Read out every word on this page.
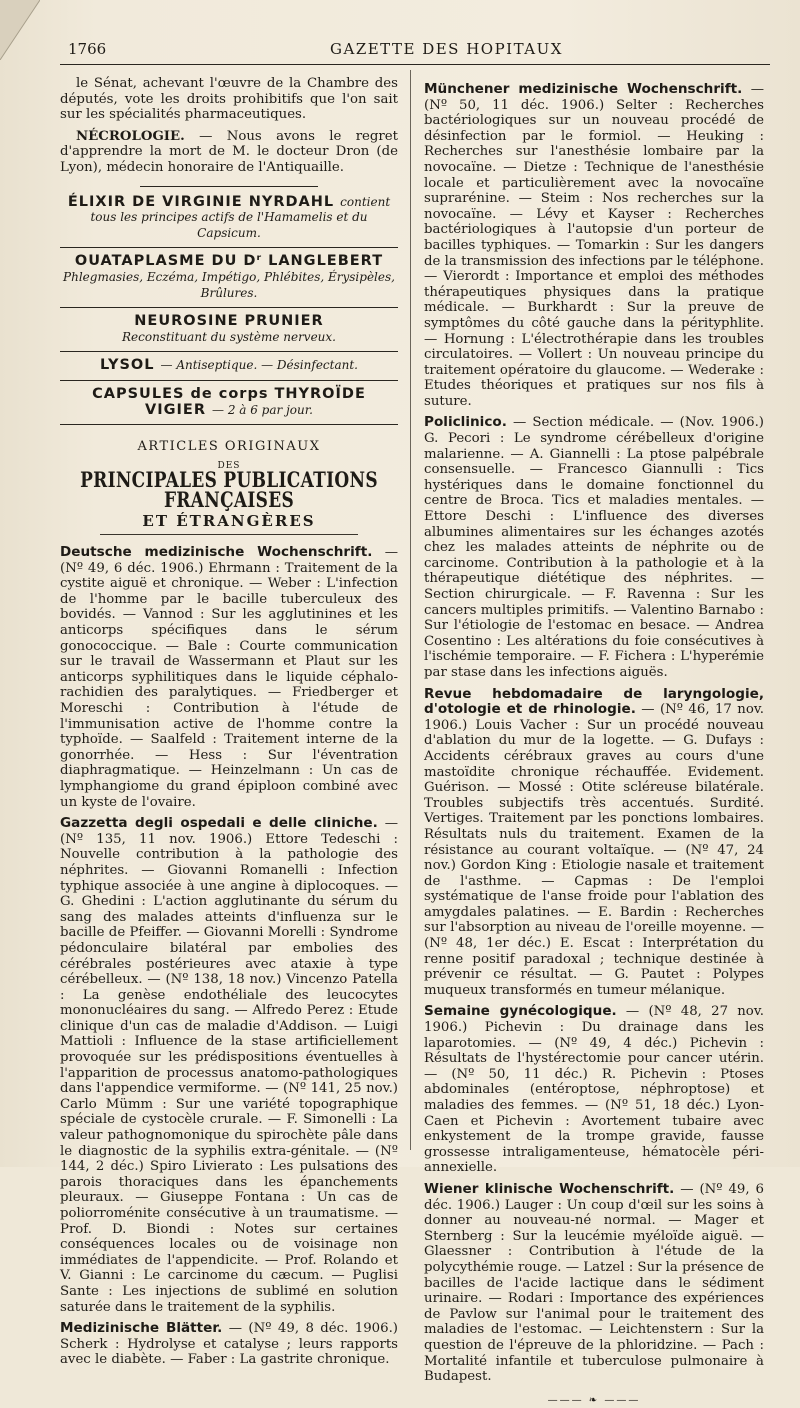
1766	GAZETTE DES HOPITAUX

le Sénat, achevant l'œuvre de la Chambre des députés, vote les droits prohibitifs que l'on sait sur les spécialités pharmaceutiques.

NÉCROLOGIE. — Nous avons le regret d'apprendre la mort de M. le docteur Dron (de Lyon), médecin honoraire de l'Antiquaille.

ÉLIXIR DE VIRGINIE NYRDAHL contient
tous les principes actifs de l'Hamamelis et du Capsicum.
OUATAPLASME DU Dʳ LANGLEBERT
Phlegmasies, Eczéma, Impétigo, Phlébites, Érysipèles, Brûlures.
NEUROSINE PRUNIER
Reconstituant du système nerveux.
LYSOL — Antiseptique. — Désinfectant.
CAPSULES de corps THYROÏDE VIGIER — 2 à 6 par jour.
ARTICLES ORIGINAUX
DES
PRINCIPALES PUBLICATIONS FRANÇAISES
ET ÉTRANGÈRES

Deutsche medizinische Wochenschrift. — (Nº 49, 6 déc. 1906.) Ehrmann : Traitement de la cystite aiguë et chronique. — Weber : L'infection de l'homme par le bacille tuberculeux des bovidés. — Vannod : Sur les agglutinines et les anticorps spécifiques dans le sérum gonococcique. — Bale : Courte communication sur le travail de Wassermann et Plaut sur les anticorps syphilitiques dans le liquide céphalo-rachidien des paralytiques. — Friedberger et Moreschi : Contribution à l'étude de l'immunisation active de l'homme contre la typhoïde. — Saalfeld : Traitement interne de la gonorrhée. — Hess : Sur l'éventration diaphragmatique. — Heinzelmann : Un cas de lymphangiome du grand épiploon combiné avec un kyste de l'ovaire.

Gazzetta degli ospedali e delle cliniche. — (Nº 135, 11 nov. 1906.) Ettore Tedeschi : Nouvelle contribution à la pathologie des néphrites. — Giovanni Romanelli : Infection typhique associée à une angine à diplocoques. — G. Ghedini : L'action agglutinante du sérum du sang des malades atteints d'influenza sur le bacille de Pfeiffer. — Giovanni Morelli : Syndrome pédonculaire bilatéral par embolies des cérébrales postérieures avec ataxie à type cérébelleux. — (Nº 138, 18 nov.) Vincenzo Patella : La genèse endothéliale des leucocytes mononucléaires du sang. — Alfredo Perez : Etude clinique d'un cas de maladie d'Addison. — Luigi Mattioli : Influence de la stase artificiellement provoquée sur les prédispositions éventuelles à l'apparition de processus anatomo-pathologiques dans l'appendice vermiforme. — (Nº 141, 25 nov.) Carlo Mümm : Sur une variété topographique spéciale de cystocèle crurale. — F. Simonelli : La valeur pathognomonique du spirochète pâle dans le diagnostic de la syphilis extra-génitale. — (Nº 144, 2 déc.) Spiro Livierato : Les pulsations des parois thoraciques dans les épanchements pleuraux. — Giuseppe Fontana : Un cas de poliorroménite consécutive à un traumatisme. — Prof. D. Biondi : Notes sur certaines conséquences locales ou de voisinage non immédiates de l'appendicite. — Prof. Rolando et V. Gianni : Le carcinome du cæcum. — Puglisi Sante : Les injections de sublimé en solution saturée dans le traitement de la syphilis.

Medizinische Blätter. — (Nº 49, 8 déc. 1906.) Scherk : Hydrolyse et catalyse ; leurs rapports avec le diabète. — Faber : La gastrite chronique.

Münchener medizinische Wochenschrift. — (Nº 50, 11 déc. 1906.) Selter : Recherches bactériologiques sur un nouveau procédé de désinfection par le formiol. — Heuking : Recherches sur l'anesthésie lombaire par la novocaïne. — Dietze : Technique de l'anesthésie locale et particulièrement avec la novocaïne suprarénine. — Steim : Nos recherches sur la novocaïne. — Lévy et Kayser : Recherches bactériologiques à l'autopsie d'un porteur de bacilles typhiques. — Tomarkin : Sur les dangers de la transmission des infections par le téléphone. — Vierordt : Importance et emploi des méthodes thérapeutiques physiques dans la pratique médicale. — Burkhardt : Sur la preuve de symptômes du côté gauche dans la pérityphlite. — Hornung : L'électrothérapie dans les troubles circulatoires. — Vollert : Un nouveau principe du traitement opératoire du glaucome. — Wederake : Etudes théoriques et pratiques sur nos fils à suture.

Policlinico. — Section médicale. — (Nov. 1906.) G. Pecori : Le syndrome cérébelleux d'origine malarienne. — A. Giannelli : La ptose palpébrale consensuelle. — Francesco Giannulli : Tics hystériques dans le domaine fonctionnel du centre de Broca. Tics et maladies mentales. — Ettore Deschi : L'influence des diverses albumines alimentaires sur les échanges azotés chez les malades atteints de néphrite ou de carcinome. Contribution à la pathologie et à la thérapeutique diététique des néphrites. — Section chirurgicale. — F. Ravenna : Sur les cancers multiples primitifs. — Valentino Barnabo : Sur l'étiologie de l'estomac en besace. — Andrea Cosentino : Les altérations du foie consécutives à l'ischémie temporaire. — F. Fichera : L'hyperémie par stase dans les infections aiguës.

Revue hebdomadaire de laryngologie, d'otologie et de rhinologie. — (Nº 46, 17 nov. 1906.) Louis Vacher : Sur un procédé nouveau d'ablation du mur de la logette. — G. Dufays : Accidents cérébraux graves au cours d'une mastoïdite chronique réchauffée. Evidement. Guérison. — Mossé : Otite scléreuse bilatérale. Troubles subjectifs très accentués. Surdité. Vertiges. Traitement par les ponctions lombaires. Résultats nuls du traitement. Examen de la résistance au courant voltaïque. — (Nº 47, 24 nov.) Gordon King : Etiologie nasale et traitement de l'asthme. — Capmas : De l'emploi systématique de l'anse froide pour l'ablation des amygdales palatines. — E. Bardin : Recherches sur l'absorption au niveau de l'oreille moyenne. — (Nº 48, 1er déc.) E. Escat : Interprétation du renne positif paradoxal ; technique destinée à prévenir ce résultat. — G. Pautet : Polypes muqueux transformés en tumeur mélanique.

Semaine gynécologique. — (Nº 48, 27 nov. 1906.) Pichevin : Du drainage dans les laparotomies. — (Nº 49, 4 déc.) Pichevin : Résultats de l'hystérectomie pour cancer utérin. — (Nº 50, 11 déc.) R. Pichevin : Ptoses abdominales (entéroptose, néphroptose) et maladies des femmes. — (Nº 51, 18 déc.) Lyon-Caen et Pichevin : Avortement tubaire avec enkystement de la trompe gravide, fausse grossesse intraligamenteuse, hématocèle péri-annexielle.

Wiener klinische Wochenschrift. — (Nº 49, 6 déc. 1906.) Lauger : Un coup d'œil sur les soins à donner au nouveau-né normal. — Mager et Sternberg : Sur la leucémie myéloïde aiguë. — Glaessner : Contribution à l'étude de la polycythémie rouge. — Latzel : Sur la présence de bacilles de l'acide lactique dans le sédiment urinaire. — Rodari : Importance des expériences de Pavlow sur l'animal pour le traitement des maladies de l'estomac. — Leichtenstern : Sur la question de l'épreuve de la phloridzine. — Pach : Mortalité infantile et tuberculose pulmonaire à Budapest.

——— ❧ ———
